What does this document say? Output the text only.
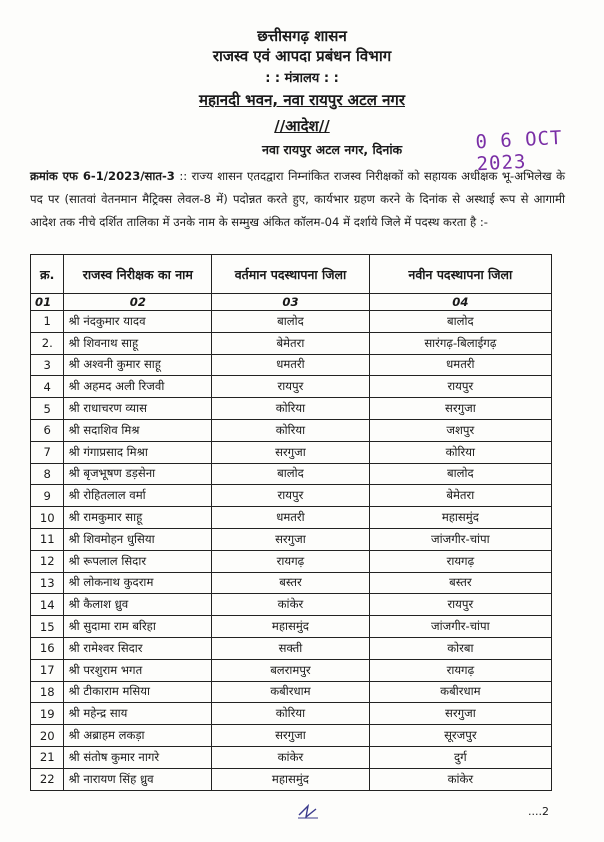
छत्तीसगढ़ शासन
राजस्व एवं आपदा प्रबंधन विभाग
: : मंत्रालय : :
महानदी भवन, नवा रायपुर अटल नगर
//आदेश//
नवा रायपुर अटल नगर, दिनांक	0 6 OCT 2023
क्रमांक एफ 6-1/2023/सात-3 :: राज्य शासन एतदद्वारा निम्नांकित राजस्व निरीक्षकों को सहायक अधीक्षक भू-अभिलेख के पद पर (सातवां वेतनमान मैट्रिक्स लेवल-8 में) पदोन्नत करते हुए, कार्यभार ग्रहण करने के दिनांक से अस्थाई रूप से आगामी आदेश तक नीचे दर्शित तालिका में उनके नाम के सम्मुख अंकित कॉलम-04 में दर्शाये जिले में पदस्थ करता है :-
क्र.	राजस्व निरीक्षक का नाम	वर्तमान पदस्थापना जिला	नवीन पदस्थापना जिला
01	02	03	04
1	श्री नंदकुमार यादव	बालोद	बालोद
2.	श्री शिवनाथ साहू	बेमेतरा	सारंगढ़-बिलाईगढ़
3	श्री अश्वनी कुमार साहू	धमतरी	धमतरी
4	श्री अहमद अली रिजवी	रायपुर	रायपुर
5	श्री राधाचरण व्यास	कोरिया	सरगुजा
6	श्री सदाशिव मिश्र	कोरिया	जशपुर
7	श्री गंगाप्रसाद मिश्रा	सरगुजा	कोरिया
8	श्री बृजभूषण डड़सेना	बालोद	बालोद
9	श्री रोहितलाल वर्मा	रायपुर	बेमेतरा
10	श्री रामकुमार साहू	धमतरी	महासमुंद
11	श्री शिवमोहन धुसिया	सरगुजा	जांजगीर-चांपा
12	श्री रूपलाल सिदार	रायगढ़	रायगढ़
13	श्री लोकनाथ कुदराम	बस्तर	बस्तर
14	श्री कैलाश ध्रुव	कांकेर	रायपुर
15	श्री सुदामा राम बरिहा	महासमुंद	जांजगीर-चांपा
16	श्री रामेश्वर सिदार	सक्ती	कोरबा
17	श्री परशुराम भगत	बलरामपुर	रायगढ़
18	श्री टीकाराम मसिया	कबीरधाम	कबीरधाम
19	श्री महेन्द्र साय	कोरिया	सरगुजा
20	श्री अब्राहम लकड़ा	सरगुजा	सूरजपुर
21	श्री संतोष कुमार नागरे	कांकेर	दुर्ग
22	श्री नारायण सिंह ध्रुव	महासमुंद	कांकेर
....2
